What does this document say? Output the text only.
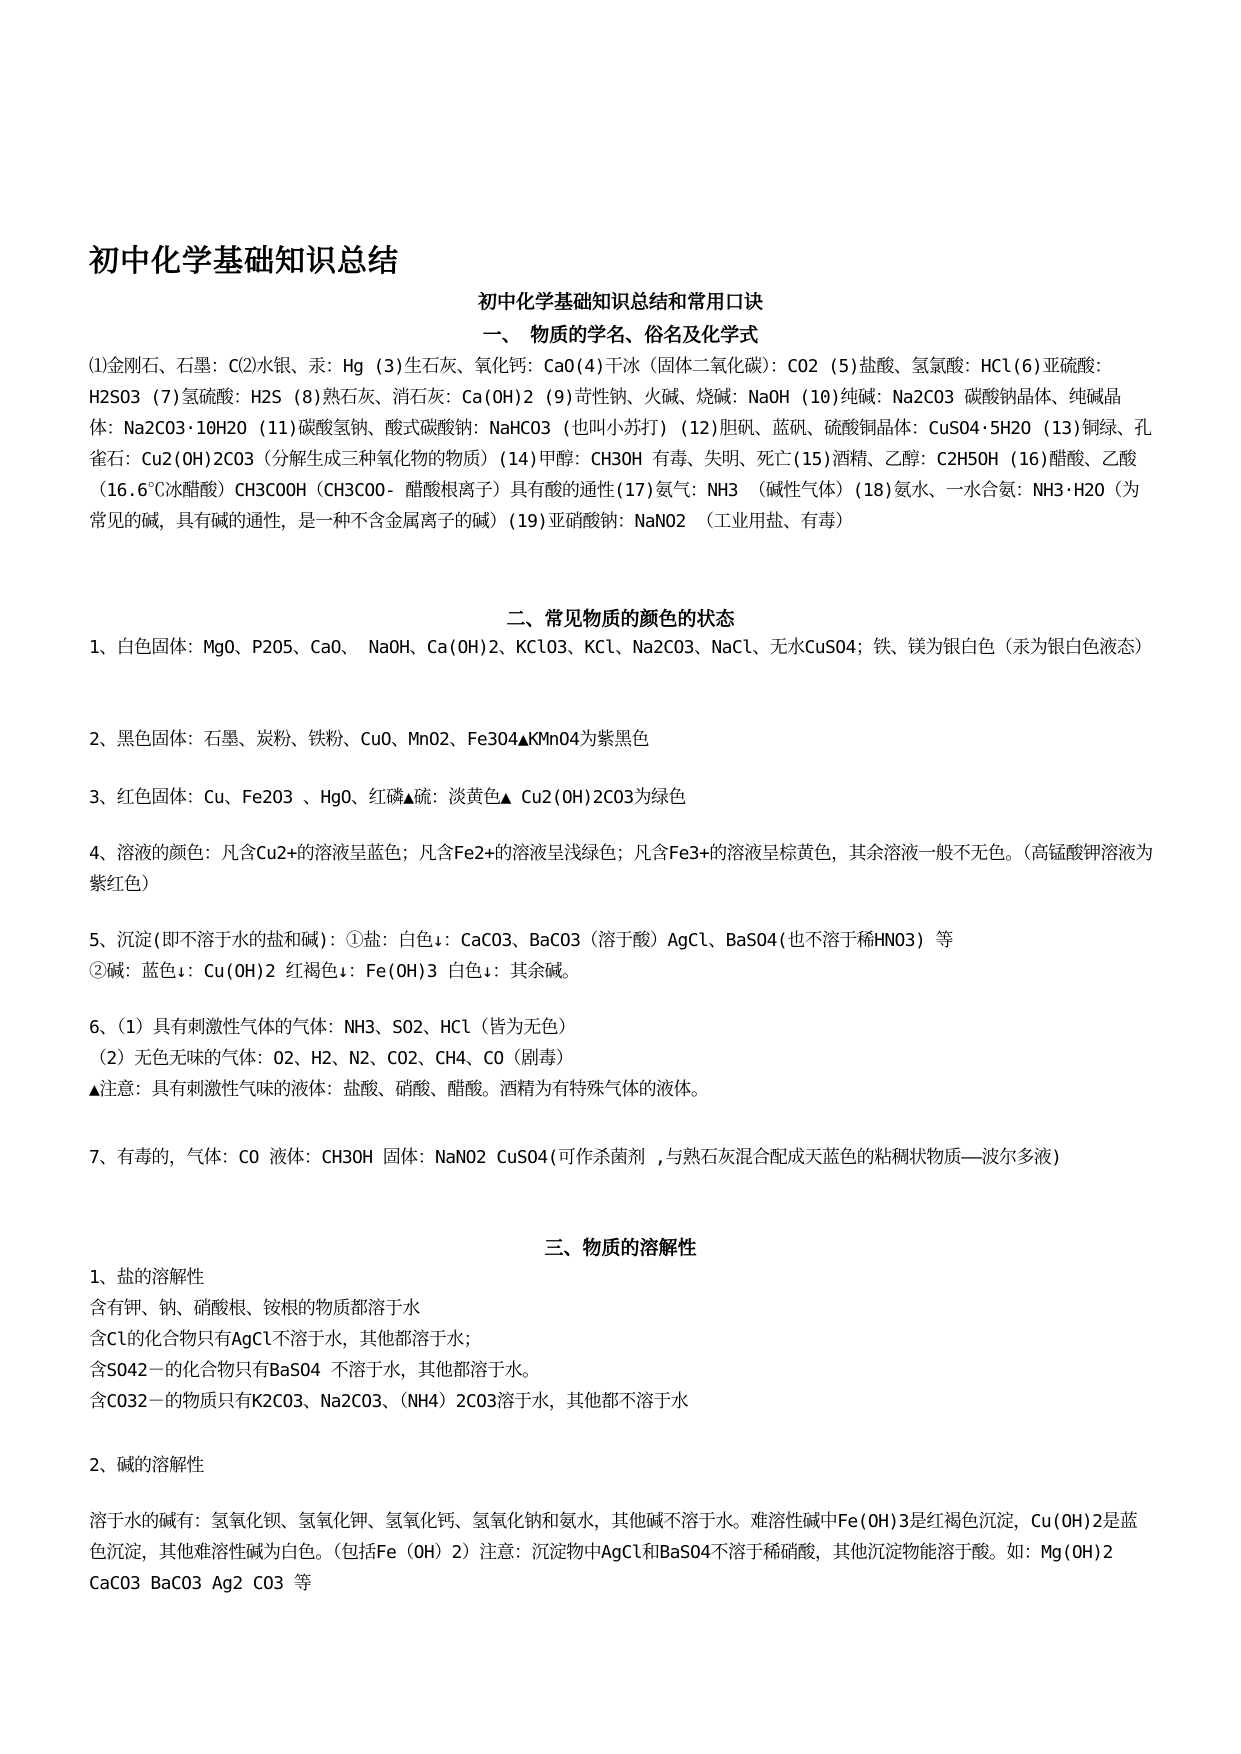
初中化学基础知识总结
初中化学基础知识总结和常用口诀
一、　物质的学名、俗名及化学式
⑴金刚石、石墨：C⑵水银、汞：Hg (3)生石灰、氧化钙：CaO(4)干冰（固体二氧化碳）：CO2 (5)盐酸、氢氯酸：HCl(6)亚硫酸：H2SO3 (7)氢硫酸：H2S (8)熟石灰、消石灰：Ca(OH)2 (9)苛性钠、火碱、烧碱：NaOH (10)纯碱：Na2CO3 碳酸钠晶体、纯碱晶体：Na2CO3·10H2O (11)碳酸氢钠、酸式碳酸钠：NaHCO3 (也叫小苏打) (12)胆矾、蓝矾、硫酸铜晶体：CuSO4·5H2O (13)铜绿、孔雀石：Cu2(OH)2CO3（分解生成三种氧化物的物质）(14)甲醇：CH3OH 有毒、失明、死亡(15)酒精、乙醇：C2H5OH (16)醋酸、乙酸（16.6℃冰醋酸）CH3COOH（CH3COO- 醋酸根离子）具有酸的通性(17)氨气：NH3 （碱性气体）(18)氨水、一水合氨：NH3·H2O（为常见的碱，具有碱的通性，是一种不含金属离子的碱）(19)亚硝酸钠：NaNO2 （工业用盐、有毒）
二、常见物质的颜色的状态
1、白色固体：MgO、P2O5、CaO、 NaOH、Ca(OH)2、KClO3、KCl、Na2CO3、NaCl、无水CuSO4；铁、镁为银白色（汞为银白色液态）
2、黑色固体：石墨、炭粉、铁粉、CuO、MnO2、Fe3O4▲KMnO4为紫黑色
3、红色固体：Cu、Fe2O3 、HgO、红磷▲硫：淡黄色▲ Cu2(OH)2CO3为绿色
4、溶液的颜色：凡含Cu2+的溶液呈蓝色；凡含Fe2+的溶液呈浅绿色；凡含Fe3+的溶液呈棕黄色，其余溶液一般不无色。（高锰酸钾溶液为紫红色）
5、沉淀(即不溶于水的盐和碱)：①盐：白色↓：CaCO3、BaCO3（溶于酸）AgCl、BaSO4(也不溶于稀HNO3) 等
②碱：蓝色↓：Cu(OH)2 红褐色↓：Fe(OH)3 白色↓：其余碱。
6、（1）具有刺激性气体的气体：NH3、SO2、HCl（皆为无色）
（2）无色无味的气体：O2、H2、N2、CO2、CH4、CO（剧毒）
▲注意：具有刺激性气味的液体：盐酸、硝酸、醋酸。酒精为有特殊气体的液体。
7、有毒的，气体：CO 液体：CH3OH 固体：NaNO2 CuSO4(可作杀菌剂 ,与熟石灰混合配成天蓝色的粘稠状物质——波尔多液)
三、物质的溶解性
1、盐的溶解性
含有钾、钠、硝酸根、铵根的物质都溶于水
含Cl的化合物只有AgCl不溶于水，其他都溶于水；
含SO42－的化合物只有BaSO4 不溶于水，其他都溶于水。
含CO32－的物质只有K2CO3、Na2CO3、（NH4）2CO3溶于水，其他都不溶于水
2、碱的溶解性
溶于水的碱有：氢氧化钡、氢氧化钾、氢氧化钙、氢氧化钠和氨水，其他碱不溶于水。难溶性碱中Fe(OH)3是红褐色沉淀，Cu(OH)2是蓝色沉淀，其他难溶性碱为白色。（包括Fe（OH）2）注意：沉淀物中AgCl和BaSO4不溶于稀硝酸，其他沉淀物能溶于酸。如：Mg(OH)2 CaCO3 BaCO3 Ag2 CO3 等
